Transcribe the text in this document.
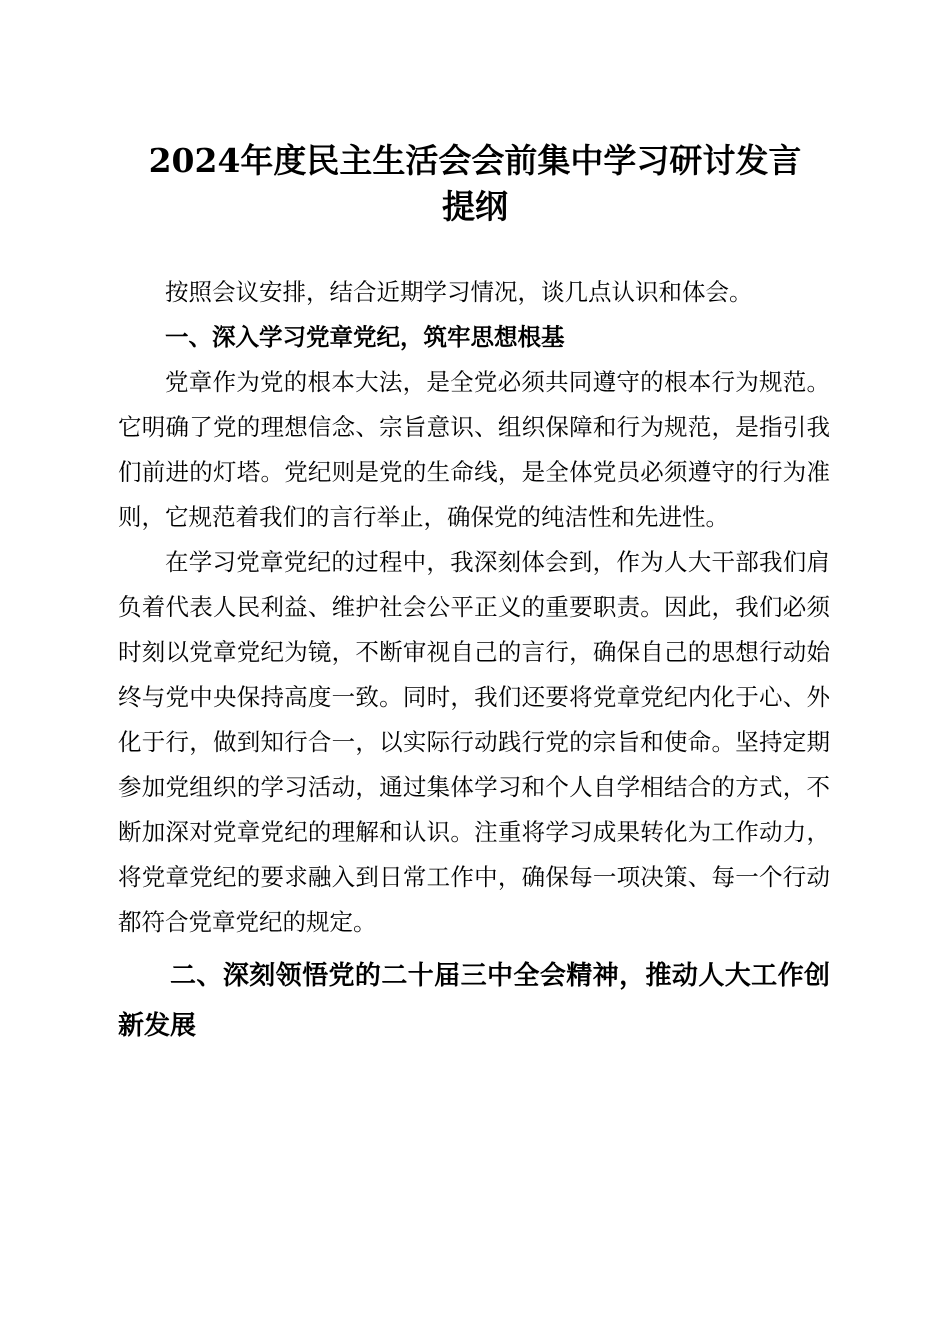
2024年度民主生活会会前集中学习研讨发言
提纲

按照会议安排，结合近期学习情况，谈几点认识和体会。

一、深入学习党章党纪，筑牢思想根基

党章作为党的根本大法，是全党必须共同遵守的根本行为规范。它明确了党的理想信念、宗旨意识、组织保障和行为规范，是指引我们前进的灯塔。党纪则是党的生命线，是全体党员必须遵守的行为准则，它规范着我们的言行举止，确保党的纯洁性和先进性。

在学习党章党纪的过程中，我深刻体会到，作为人大干部我们肩负着代表人民利益、维护社会公平正义的重要职责。因此，我们必须时刻以党章党纪为镜，不断审视自己的言行，确保自己的思想行动始终与党中央保持高度一致。同时，我们还要将党章党纪内化于心、外化于行，做到知行合一，以实际行动践行党的宗旨和使命。坚持定期参加党组织的学习活动，通过集体学习和个人自学相结合的方式，不断加深对党章党纪的理解和认识。注重将学习成果转化为工作动力，将党章党纪的要求融入到日常工作中，确保每一项决策、每一个行动都符合党章党纪的规定。

二、深刻领悟党的二十届三中全会精神，推动人大工作创新发展
